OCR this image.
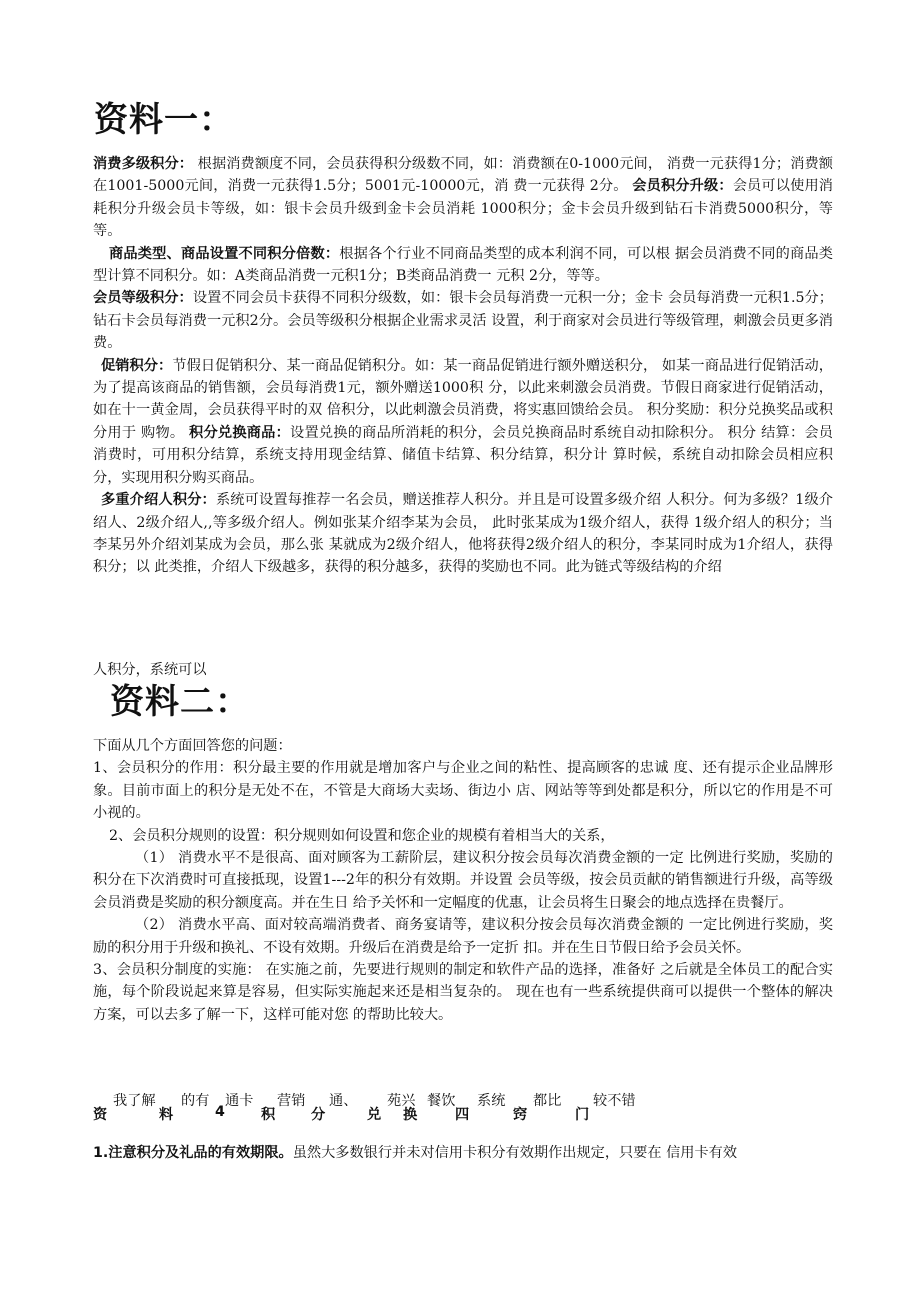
资料一：

消费多级积分： 根据消费额度不同，会员获得积分级数不同，如：消费额在0-1000元间， 消费一元获得1分；消费额在1001-5000元间，消费一元获得1.5分；5001元-10000元，消 费一元获得 2分。 会员积分升级：会员可以使用消耗积分升级会员卡等级，如：银卡会员升级到金卡会员消耗 1000积分；金卡会员升级到钻石卡消费5000积分，等等。

商品类型、商品设置不同积分倍数：根据各个行业不同商品类型的成本利润不同，可以根 据会员消费不同的商品类型计算不同积分。如：A类商品消费一元积1分；B类商品消费一 元积 2分，等等。

会员等级积分：设置不同会员卡获得不同积分级数，如：银卡会员每消费一元积一分；金卡 会员每消费一元积1.5分；钻石卡会员每消费一元积2分。会员等级积分根据企业需求灵活 设置，利于商家对会员进行等级管理，刺激会员更多消费。

促销积分：节假日促销积分、某一商品促销积分。如：某一商品促销进行额外赠送积分， 如某一商品进行促销活动，为了提高该商品的销售额，会员每消费1元，额外赠送1000积 分，以此来刺激会员消费。节假日商家进行促销活动，如在十一黄金周，会员获得平时的双 倍积分，以此刺激会员消费，将实惠回馈给会员。 积分奖励：积分兑换奖品或积分用于 购物。 积分兑换商品：设置兑换的商品所消耗的积分，会员兑换商品时系统自动扣除积分。 积分 结算：会员消费时，可用积分结算，系统支持用现金结算、储值卡结算、积分结算，积分计 算时候，系统自动扣除会员相应积分，实现用积分购买商品。

多重介绍人积分：系统可设置每推荐一名会员，赠送推荐人积分。并且是可设置多级介绍 人积分。何为多级？1级介绍人、2级介绍人,,等多级介绍人。例如张某介绍李某为会员， 此时张某成为1级介绍人，获得 1级介绍人的积分；当李某另外介绍刘某成为会员，那么张 某就成为2级介绍人，他将获得2级介绍人的积分，李某同时成为1介绍人，获得积分；以 此类推，介绍人下级越多，获得的积分越多，获得的奖励也不同。此为链式等级结构的介绍

人积分，系统可以
资料二：

下面从几个方面回答您的问题：

1、会员积分的作用：积分最主要的作用就是增加客户与企业之间的粘性、提高顾客的忠诚 度、还有提示企业品牌形象。目前市面上的积分是无处不在，不管是大商场大卖场、街边小 店、网站等等到处都是积分，所以它的作用是不可小视的。

2、会员积分规则的设置：积分规则如何设置和您企业的规模有着相当大的关系，

（1） 消费水平不是很高、面对顾客为工薪阶层，建议积分按会员每次消费金额的一定 比例进行奖励，奖励的积分在下次消费时可直接抵现，设置1---2年的积分有效期。并设置 会员等级，按会员贡献的销售额进行升级，高等级会员消费是奖励的积分额度高。并在生日 给予关怀和一定幅度的优惠，让会员将生日聚会的地点选择在贵餐厅。

（2） 消费水平高、面对较高端消费者、商务宴请等，建议积分按会员每次消费金额的 一定比例进行奖励，奖励的积分用于升级和换礼、不设有效期。升级后在消费是给予一定折 扣。并在生日节假日给予会员关怀。

3、会员积分制度的实施： 在实施之前，先要进行规则的制定和软件产品的选择，准备好 之后就是全体员工的配合实施，每个阶段说起来算是容易，但实际实施起来还是相当复杂的。 现在也有一些系统提供商可以提供一个整体的解决方案，可以去多了解一下，这样可能对您 的帮助比较大。

资
我了解
料
的有
4
通卡
积
营销
分
通、
兑
苑兴
换
餐饮
四
系统
窍
都比
门
较不错

1.注意积分及礼品的有效期限。虽然大多数银行并未对信用卡积分有效期作出规定，只要在 信用卡有效
